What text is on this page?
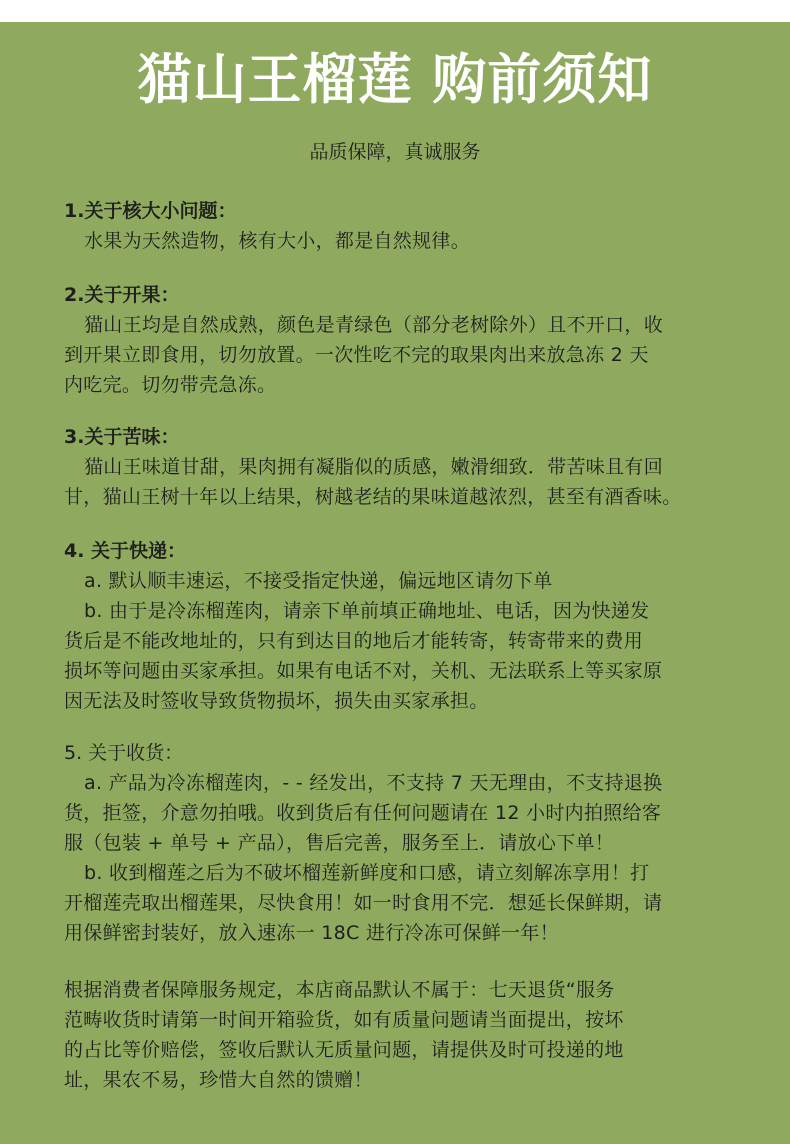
猫山王榴莲 购前须知
品质保障，真诚服务
1.关于核大小问题：
水果为天然造物，核有大小，都是自然规律。
2.关于开果：
猫山王均是自然成熟，颜色是青绿色（部分老树除外）且不开口，收
到开果立即食用，切勿放置。一次性吃不完的取果肉出来放急冻 2 天
内吃完。切勿带壳急冻。
3.关于苦味：
猫山王味道甘甜，果肉拥有凝脂似的质感，嫩滑细致．带苦味且有回
甘，猫山王树十年以上结果，树越老结的果味道越浓烈，甚至有酒香味。
4. 关于快递：
a. 默认顺丰速运，不接受指定快递，偏远地区请勿下单
b. 由于是冷冻榴莲肉，请亲下单前填正确地址、电话，因为快递发
货后是不能改地址的，只有到达目的地后才能转寄，转寄带来的费用
损坏等问题由买家承担。如果有电话不对，关机、无法联系上等买家原
因无法及时签收导致货物损坏，损失由买家承担。
5. 关于收货：
a. 产品为冷冻榴莲肉，- - 经发出，不支持 7 天无理由，不支持退换
货，拒签，介意勿拍哦。收到货后有任何问题请在 12 小时内拍照给客
服（包装 + 单号 + 产品），售后完善，服务至上．请放心下单！
b. 收到榴莲之后为不破坏榴莲新鲜度和口感，请立刻解冻享用！打
开榴莲壳取出榴莲果，尽快食用！如一时食用不完．想延长保鲜期，请
用保鲜密封装好，放入速冻一 18C 进行冷冻可保鲜一年！
根据消费者保障服务规定，本店商品默认不属于：七天退货“服务
范畴收货时请第一时间开箱验货，如有质量问题请当面提出，按坏
的占比等价赔偿，签收后默认无质量问题，请提供及时可投递的地
址，果农不易，珍惜大自然的馈赠！
